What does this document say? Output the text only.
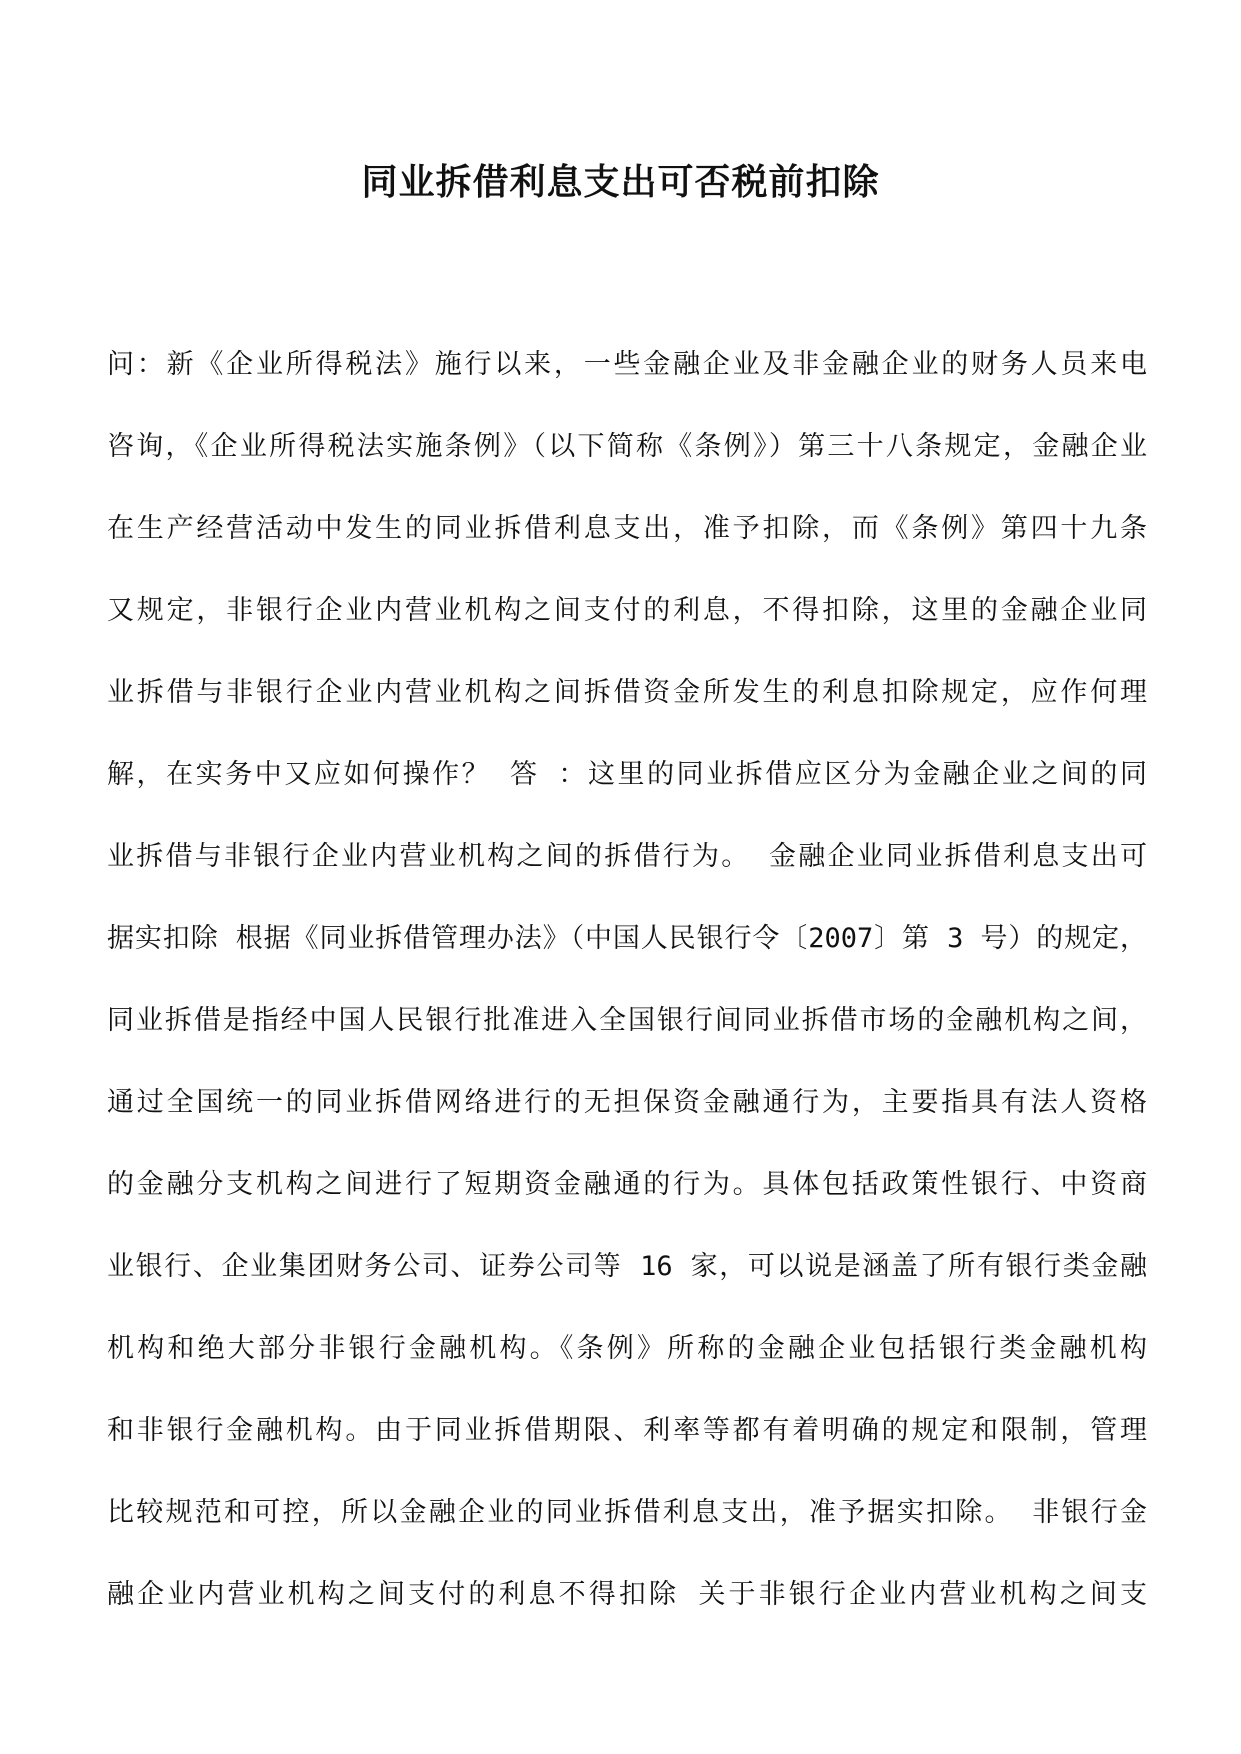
同业拆借利息支出可否税前扣除
问：新《企业所得税法》施行以来，一些金融企业及非金融企业的财务人员来电
咨询，《企业所得税法实施条例》（以下简称《条例》）第三十八条规定，金融企业
在生产经营活动中发生的同业拆借利息支出，准予扣除，而《条例》第四十九条
又规定，非银行企业内营业机构之间支付的利息，不得扣除，这里的金融企业同
业拆借与非银行企业内营业机构之间拆借资金所发生的利息扣除规定，应作何理
解，在实务中又应如何操作？ 答 ：这里的同业拆借应区分为金融企业之间的同
业拆借与非银行企业内营业机构之间的拆借行为。 金融企业同业拆借利息支出可
据实扣除 根据《同业拆借管理办法》（中国人民银行令〔2007〕第 3 号）的规定，
同业拆借是指经中国人民银行批准进入全国银行间同业拆借市场的金融机构之间，
通过全国统一的同业拆借网络进行的无担保资金融通行为，主要指具有法人资格
的金融分支机构之间进行了短期资金融通的行为。具体包括政策性银行、中资商
业银行、企业集团财务公司、证券公司等 16 家，可以说是涵盖了所有银行类金融
机构和绝大部分非银行金融机构。《条例》所称的金融企业包括银行类金融机构
和非银行金融机构。由于同业拆借期限、利率等都有着明确的规定和限制，管理
比较规范和可控，所以金融企业的同业拆借利息支出，准予据实扣除。 非银行金
融企业内营业机构之间支付的利息不得扣除 关于非银行企业内营业机构之间支
